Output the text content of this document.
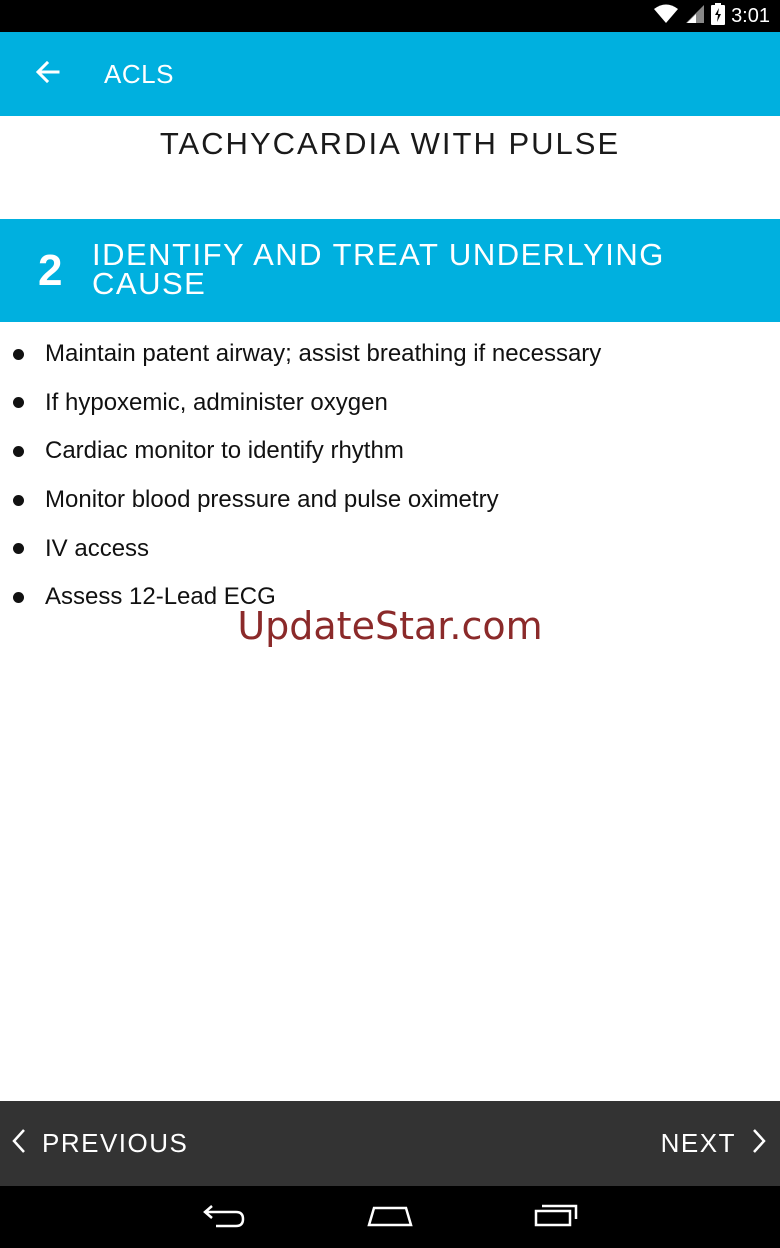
3:01
ACLS
TACHYCARDIA WITH PULSE
2 IDENTIFY AND TREAT UNDERLYING CAUSE
Maintain patent airway; assist breathing if necessary
If hypoxemic, administer oxygen
Cardiac monitor to identify rhythm
Monitor blood pressure and pulse oximetry
IV access
Assess 12-Lead ECG
UpdateStar.com
PREVIOUS	NEXT
